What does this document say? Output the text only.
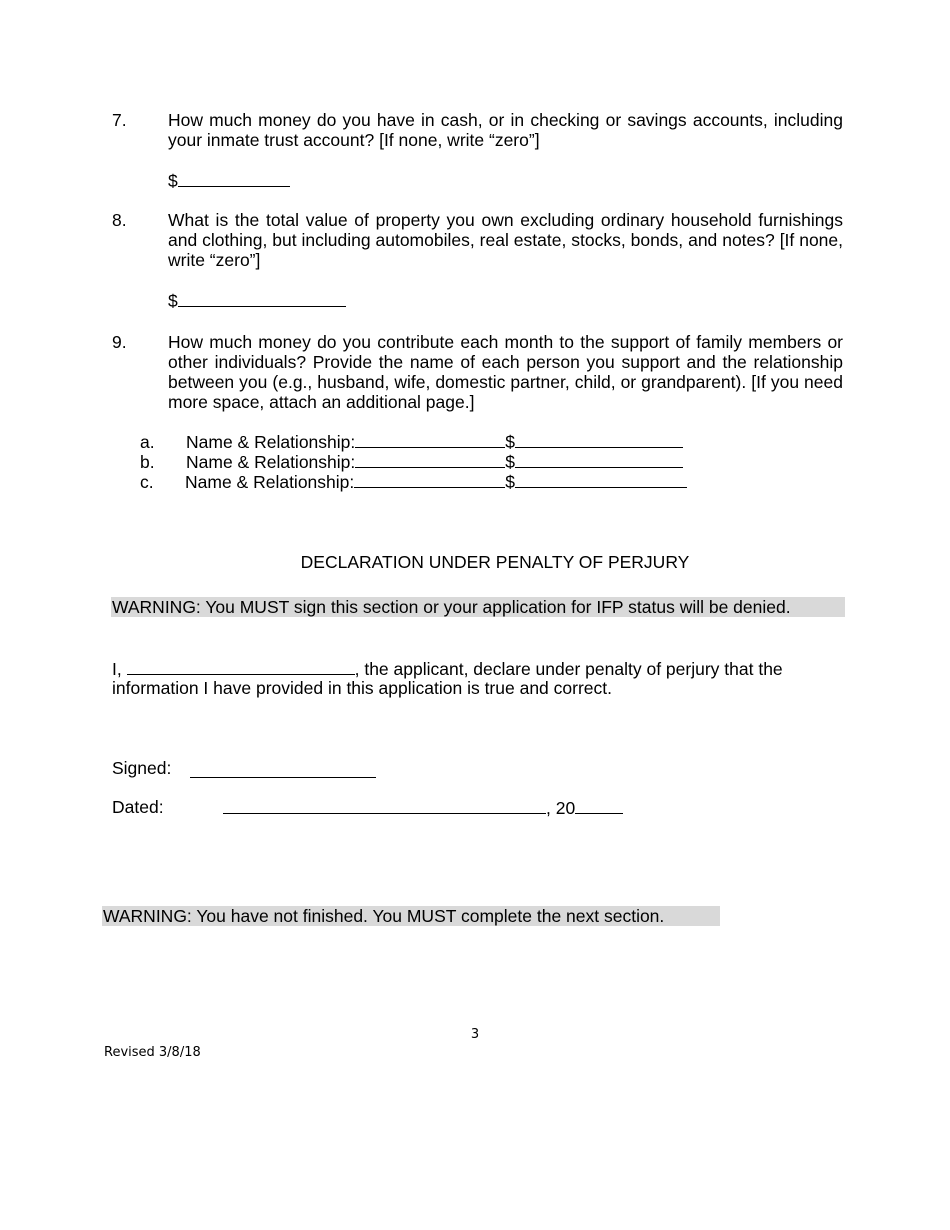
7. How much money do you have in cash, or in checking or savings accounts, including your inmate trust account? [If none, write “zero”]
$
8. What is the total value of property you own excluding ordinary household furnishings and clothing, but including automobiles, real estate, stocks, bonds, and notes? [If none, write “zero”]
$
9. How much money do you contribute each month to the support of family members or other individuals? Provide the name of each person you support and the relationship between you (e.g., husband, wife, domestic partner, child, or grandparent). [If you need more space, attach an additional page.]
a. Name & Relationship:	$
b. Name & Relationship:	$
c. Name & Relationship:	$
DECLARATION UNDER PENALTY OF PERJURY
WARNING: You MUST sign this section or your application for IFP status will be denied.
I,	, the applicant, declare under penalty of perjury that the
information I have provided in this application is true and correct.
Signed:
Dated:	, 20
WARNING: You have not finished. You MUST complete the next section.
3
Revised 3/8/18
